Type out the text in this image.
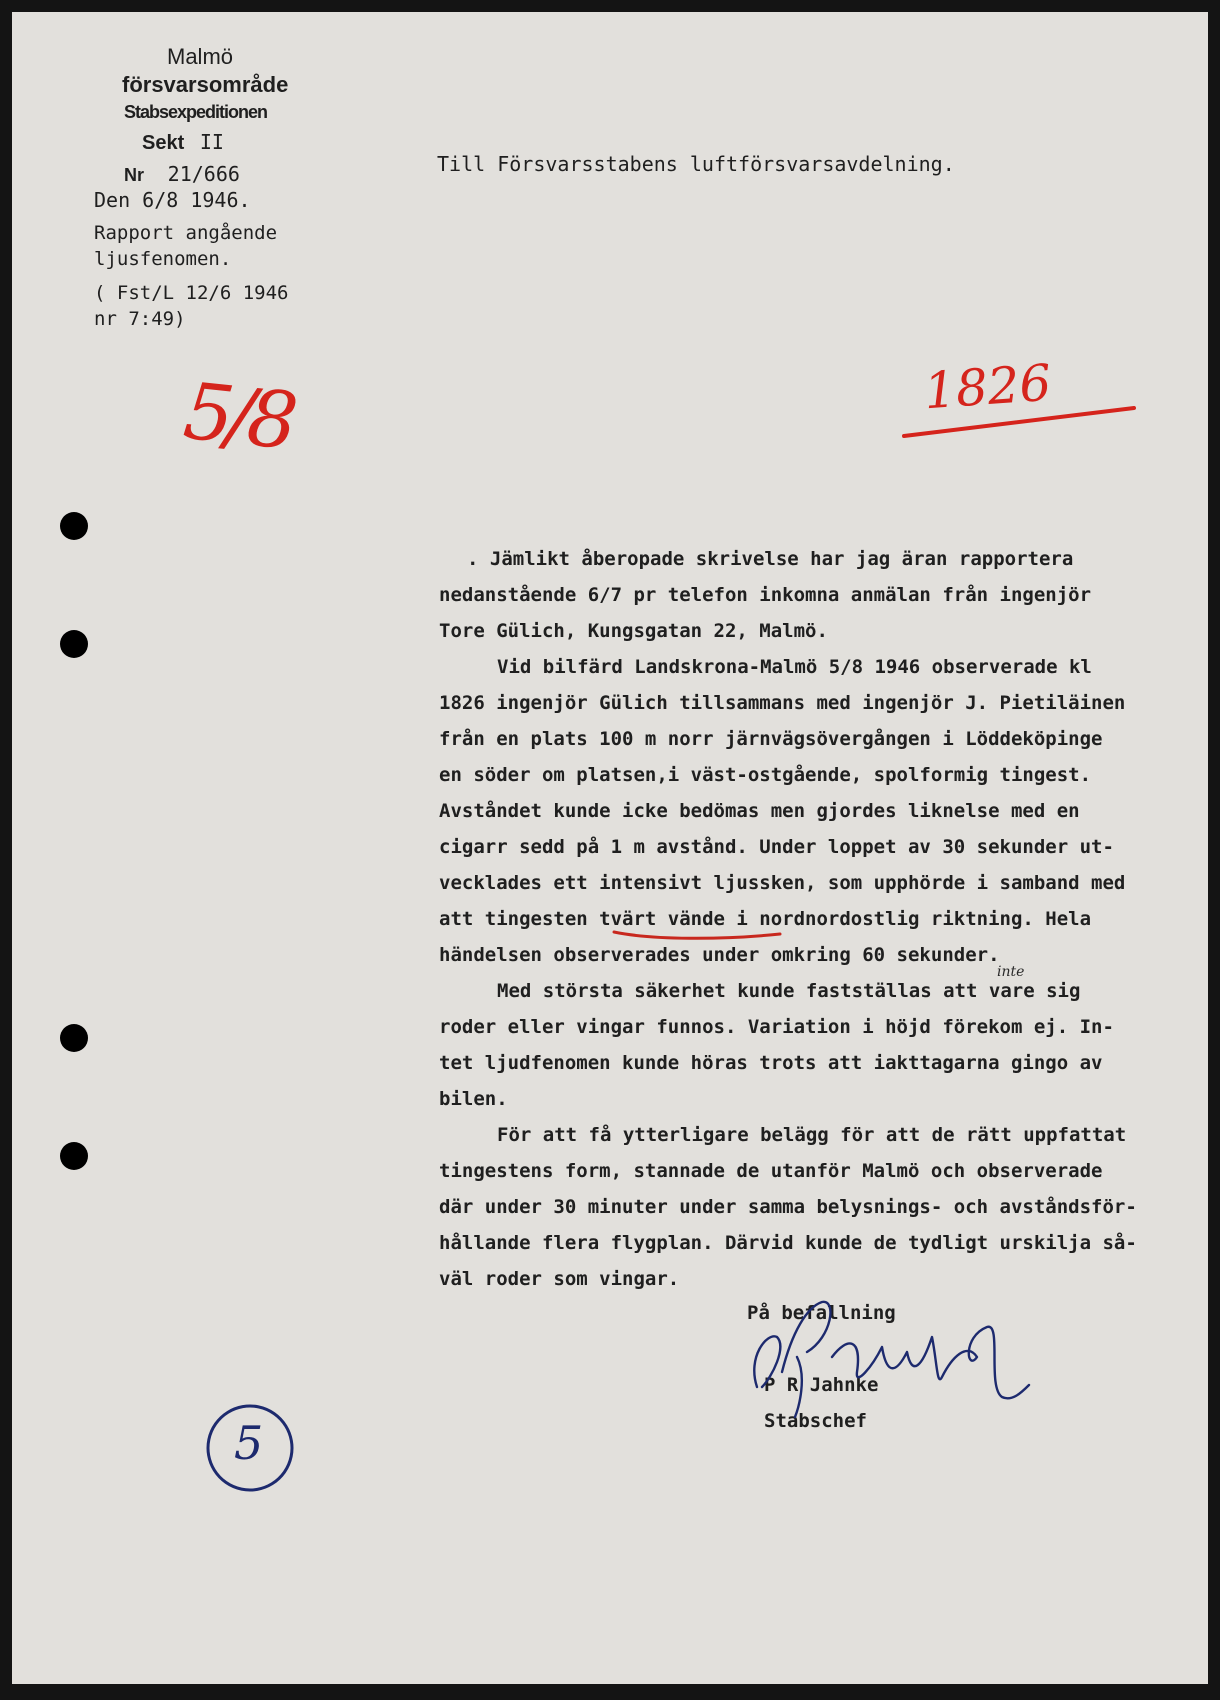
Malmö
försvarsområde
Stabsexpeditionen
Sekt II
Nr 21/666
Den 6/8 1946.
Rapport angående
ljusfenomen.
( Fst/L 12/6 1946
nr 7:49)
Till Försvarsstabens luftförsvarsavdelning.
5/8	1826
5
. Jämlikt åberopade skrivelse har jag äran rapportera
nedanstående 6/7 pr telefon inkomna anmälan från ingenjör
Tore Gülich, Kungsgatan 22, Malmö.
Vid bilfärd Landskrona-Malmö 5/8 1946 observerade kl
1826 ingenjör Gülich tillsammans med ingenjör J. Pietiläinen
från en plats 100 m norr järnvägsövergången i Löddeköpinge
en söder om platsen,i väst-ostgående, spolformig tingest.
Avståndet kunde icke bedömas men gjordes liknelse med en
cigarr sedd på 1 m avstånd. Under loppet av 30 sekunder ut-
vecklades ett intensivt ljussken, som upphörde i samband med
att tingesten tvärt vände i nordnordostlig riktning. Hela
händelsen observerades under omkring 60 sekunder.
Med största säkerhet kunde fastställas att vare sig
roder eller vingar funnos. Variation i höjd förekom ej. In-
tet ljudfenomen kunde höras trots att iakttagarna gingo av
bilen.
För att få ytterligare belägg för att de rätt uppfattat
tingestens form, stannade de utanför Malmö och observerade
där under 30 minuter under samma belysnings- och avståndsför-
hållande flera flygplan. Därvid kunde de tydligt urskilja så-
väl roder som vingar.
inte
På befallning
P R Jahnke
Stabschef
